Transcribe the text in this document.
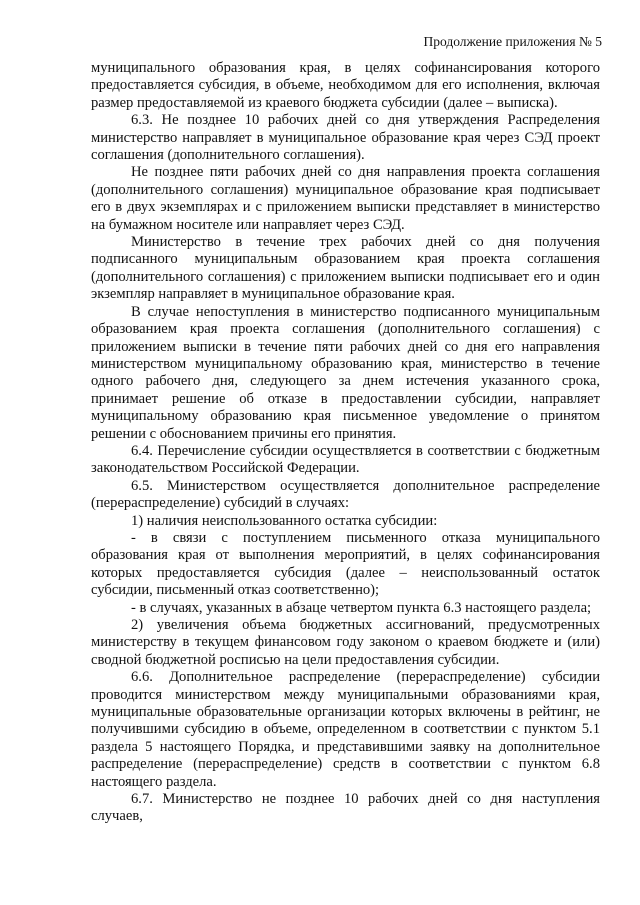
Продолжение приложения № 5

муниципального образования края, в целях софинансирования которого предоставляется субсидия, в объеме, необходимом для его исполнения, включая размер предоставляемой из краевого бюджета субсидии (далее – выписка).

6.3. Не позднее 10 рабочих дней со дня утверждения Распределения министерство направляет в муниципальное образование края через СЭД проект соглашения (дополнительного соглашения).

Не позднее пяти рабочих дней со дня направления проекта соглашения (дополнительного соглашения) муниципальное образование края подписывает его в двух экземплярах и с приложением выписки представляет в министерство на бумажном носителе или направляет через СЭД.

Министерство в течение трех рабочих дней со дня получения подписанного муниципальным образованием края проекта соглашения (дополнительного соглашения) с приложением выписки подписывает его и один экземпляр направляет в муниципальное образование края.

В случае непоступления в министерство подписанного муниципальным образованием края проекта соглашения (дополнительного соглашения) с приложением выписки в течение пяти рабочих дней со дня его направления министерством муниципальному образованию края, министерство в течение одного рабочего дня, следующего за днем истечения указанного срока, принимает решение об отказе в предоставлении субсидии, направляет муниципальному образованию края письменное уведомление о принятом решении с обоснованием причины его принятия.

6.4. Перечисление субсидии осуществляется в соответствии с бюджетным законодательством Российской Федерации.

6.5. Министерством осуществляется дополнительное распределение (перераспределение) субсидий в случаях:

1) наличия неиспользованного остатка субсидии:

- в связи с поступлением письменного отказа муниципального образования края от выполнения мероприятий, в целях софинансирования которых предоставляется субсидия (далее – неиспользованный остаток субсидии, письменный отказ соответственно);

- в случаях, указанных в абзаце четвертом пункта 6.3 настоящего раздела;

2) увеличения объема бюджетных ассигнований, предусмотренных министерству в текущем финансовом году законом о краевом бюджете и (или) сводной бюджетной росписью на цели предоставления субсидии.

6.6. Дополнительное распределение (перераспределение) субсидии проводится министерством между муниципальными образованиями края, муниципальные образовательные организации которых включены в рейтинг, не получившими субсидию в объеме, определенном в соответствии с пунктом 5.1 раздела 5 настоящего Порядка, и представившими заявку на дополнительное распределение (перераспределение) средств в соответствии с пунктом 6.8 настоящего раздела.

6.7. Министерство не позднее 10 рабочих дней со дня наступления случаев,
